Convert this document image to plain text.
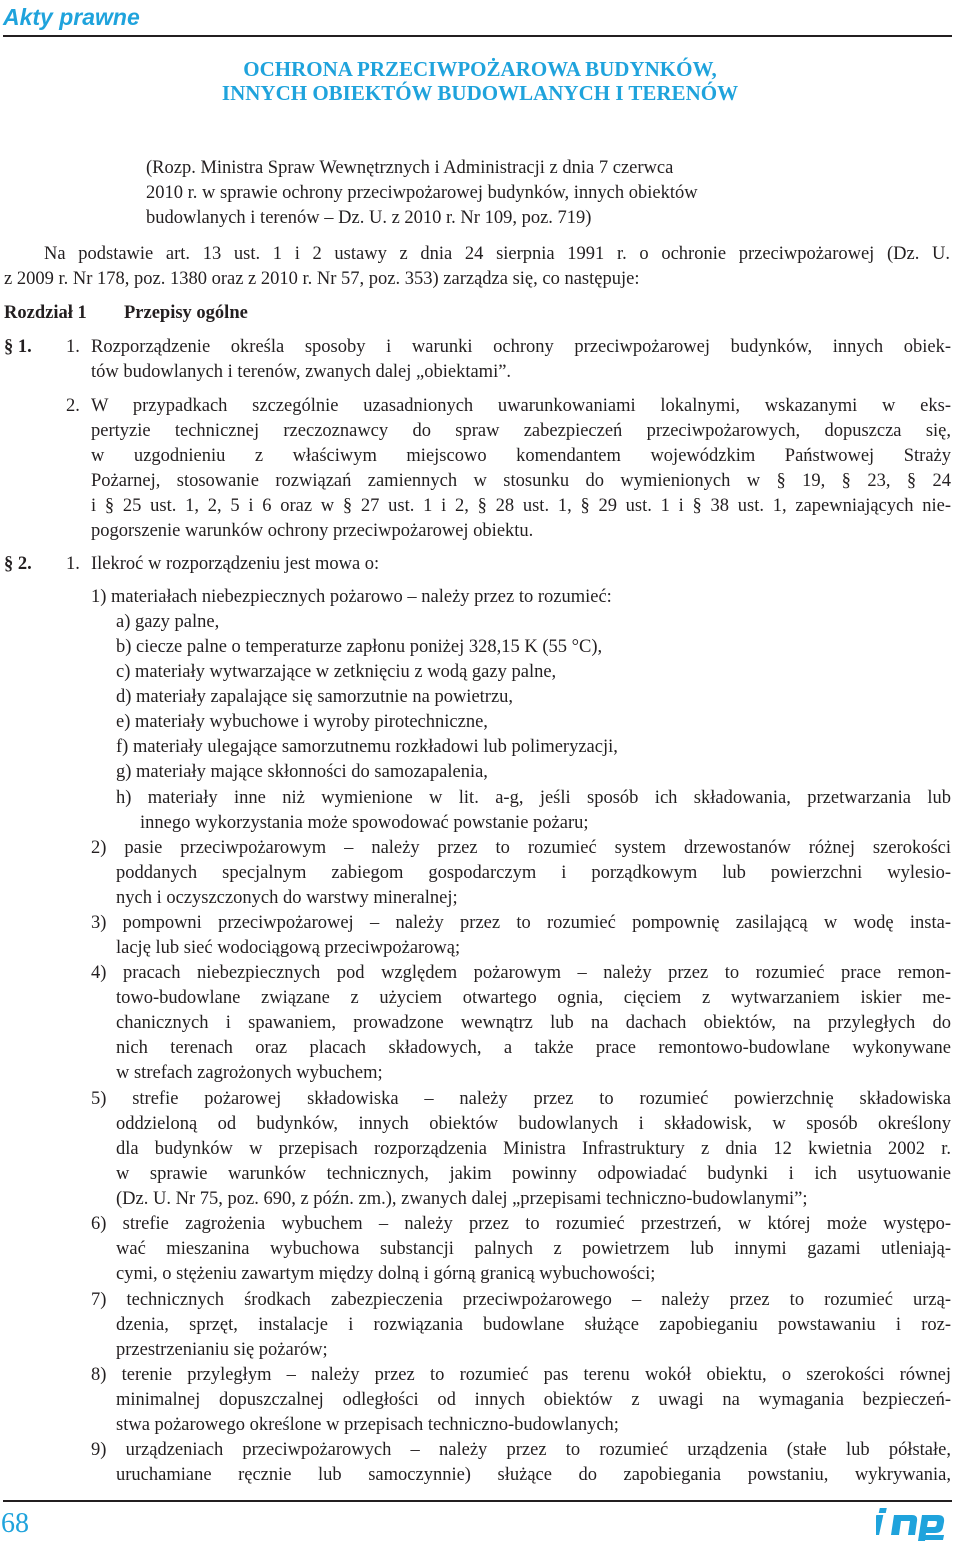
Akty prawne
OCHRONA PRZECIWPOŻAROWA BUDYNKÓW,
INNYCH OBIEKTÓW BUDOWLANYCH I TERENÓW
(Rozp. Ministra Spraw Wewnętrznych i Administracji z dnia 7 czerwca
2010 r. w sprawie ochrony przeciwpożarowej budynków, innych obiektów
budowlanych i terenów – Dz. U. z 2010 r. Nr 109, poz. 719)
Na podstawie art. 13 ust. 1 i 2 ustawy z dnia 24 sierpnia 1991 r. o ochronie przeciwpożarowej (Dz. U.
z 2009 r. Nr 178, poz. 1380 oraz z 2010 r. Nr 57, poz. 353) zarządza się, co następuje:
Rozdział 1 Przepisy ogólne
§ 1. 1. Rozporządzenie określa sposoby i warunki ochrony przeciwpożarowej budynków, innych obiek-
tów budowlanych i terenów, zwanych dalej „obiektami”.
2. W przypadkach szczególnie uzasadnionych uwarunkowaniami lokalnymi, wskazanymi w eks-
pertyzie technicznej rzeczoznawcy do spraw zabezpieczeń przeciwpożarowych, dopuszcza się,
w uzgodnieniu z właściwym miejscowo komendantem wojewódzkim Państwowej Straży
Pożarnej, stosowanie rozwiązań zamiennych w stosunku do wymienionych w § 19, § 23, § 24
i § 25 ust. 1, 2, 5 i 6 oraz w § 27 ust. 1 i 2, § 28 ust. 1, § 29 ust. 1 i § 38 ust. 1, zapewniających nie-
pogorszenie warunków ochrony przeciwpożarowej obiektu.
§ 2. 1. Ilekroć w rozporządzeniu jest mowa o:
1) materiałach niebezpiecznych pożarowo – należy przez to rozumieć:
a) gazy palne,
b) ciecze palne o temperaturze zapłonu poniżej 328,15 K (55 °C),
c) materiały wytwarzające w zetknięciu z wodą gazy palne,
d) materiały zapalające się samorzutnie na powietrzu,
e) materiały wybuchowe i wyroby pirotechniczne,
f) materiały ulegające samorzutnemu rozkładowi lub polimeryzacji,
g) materiały mające skłonności do samozapalenia,
h) materiały inne niż wymienione w lit. a-g, jeśli sposób ich składowania, przetwarzania lub
innego wykorzystania może spowodować powstanie pożaru;
2) pasie przeciwpożarowym – należy przez to rozumieć system drzewostanów różnej szerokości
poddanych specjalnym zabiegom gospodarczym i porządkowym lub powierzchni wylesio-
nych i oczyszczonych do warstwy mineralnej;
3) pompowni przeciwpożarowej – należy przez to rozumieć pompownię zasilającą w wodę insta-
lację lub sieć wodociągową przeciwpożarową;
4) pracach niebezpiecznych pod względem pożarowym – należy przez to rozumieć prace remon-
towo-budowlane związane z użyciem otwartego ognia, cięciem z wytwarzaniem iskier me-
chanicznych i spawaniem, prowadzone wewnątrz lub na dachach obiektów, na przyległych do
nich terenach oraz placach składowych, a także prace remontowo-budowlane wykonywane
w strefach zagrożonych wybuchem;
5) strefie pożarowej składowiska – należy przez to rozumieć powierzchnię składowiska
oddzieloną od budynków, innych obiektów budowlanych i składowisk, w sposób określony
dla budynków w przepisach rozporządzenia Ministra Infrastruktury z dnia 12 kwietnia 2002 r.
w sprawie warunków technicznych, jakim powinny odpowiadać budynki i ich usytuowanie
(Dz. U. Nr 75, poz. 690, z późn. zm.), zwanych dalej „przepisami techniczno-budowlanymi”;
6) strefie zagrożenia wybuchem – należy przez to rozumieć przestrzeń, w której może występo-
wać mieszanina wybuchowa substancji palnych z powietrzem lub innymi gazami utleniają-
cymi, o stężeniu zawartym między dolną i górną granicą wybuchowości;
7) technicznych środkach zabezpieczenia przeciwpożarowego – należy przez to rozumieć urzą-
dzenia, sprzęt, instalacje i rozwiązania budowlane służące zapobieganiu powstawaniu i roz-
przestrzenianiu się pożarów;
8) terenie przyległym – należy przez to rozumieć pas terenu wokół obiektu, o szerokości równej
minimalnej dopuszczalnej odległości od innych obiektów z uwagi na wymagania bezpieczeń-
stwa pożarowego określone w przepisach techniczno-budowlanych;
9) urządzeniach przeciwpożarowych – należy przez to rozumieć urządzenia (stałe lub półstałe,
uruchamiane ręcznie lub samoczynnie) służące do zapobiegania powstaniu, wykrywania,
68
